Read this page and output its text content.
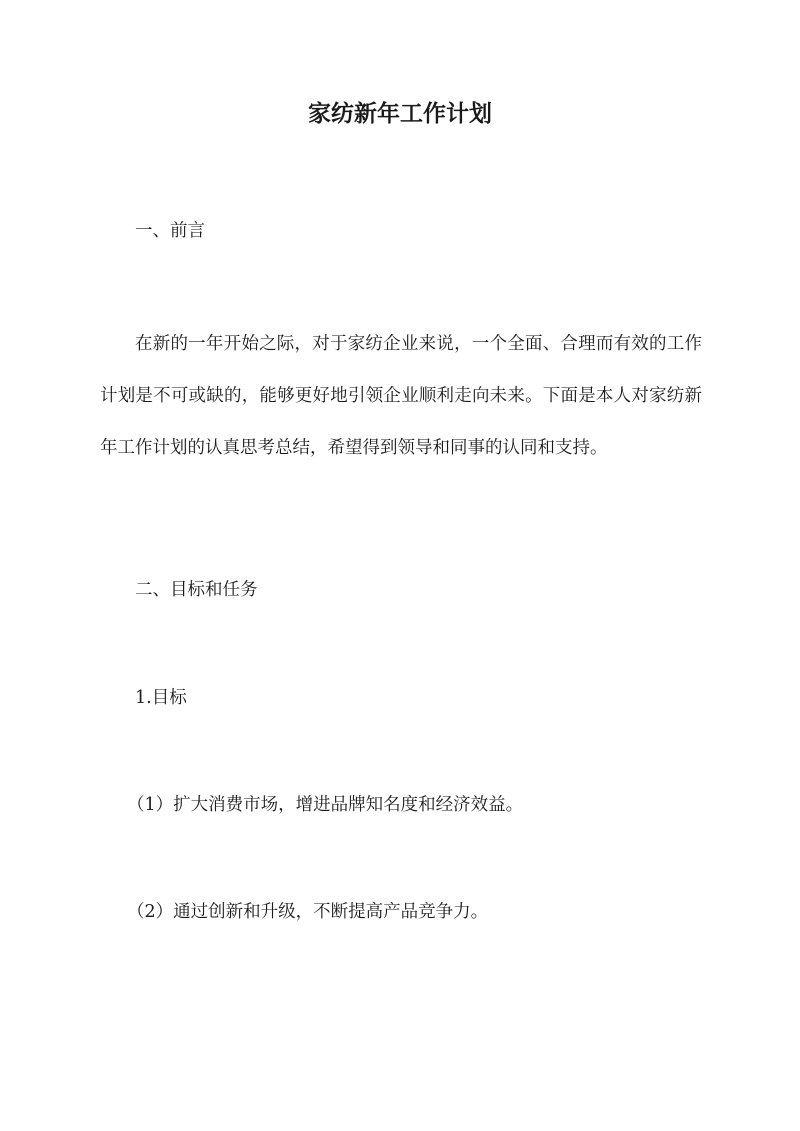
家纺新年工作计划

一、前言

在新的一年开始之际，对于家纺企业来说，一个全面、合理而有效的工作计划是不可或缺的，能够更好地引领企业顺利走向未来。下面是本人对家纺新年工作计划的认真思考总结，希望得到领导和同事的认同和支持。

二、目标和任务

1.目标

（1）扩大消费市场，增进品牌知名度和经济效益。

（2）通过创新和升级，不断提高产品竞争力。
